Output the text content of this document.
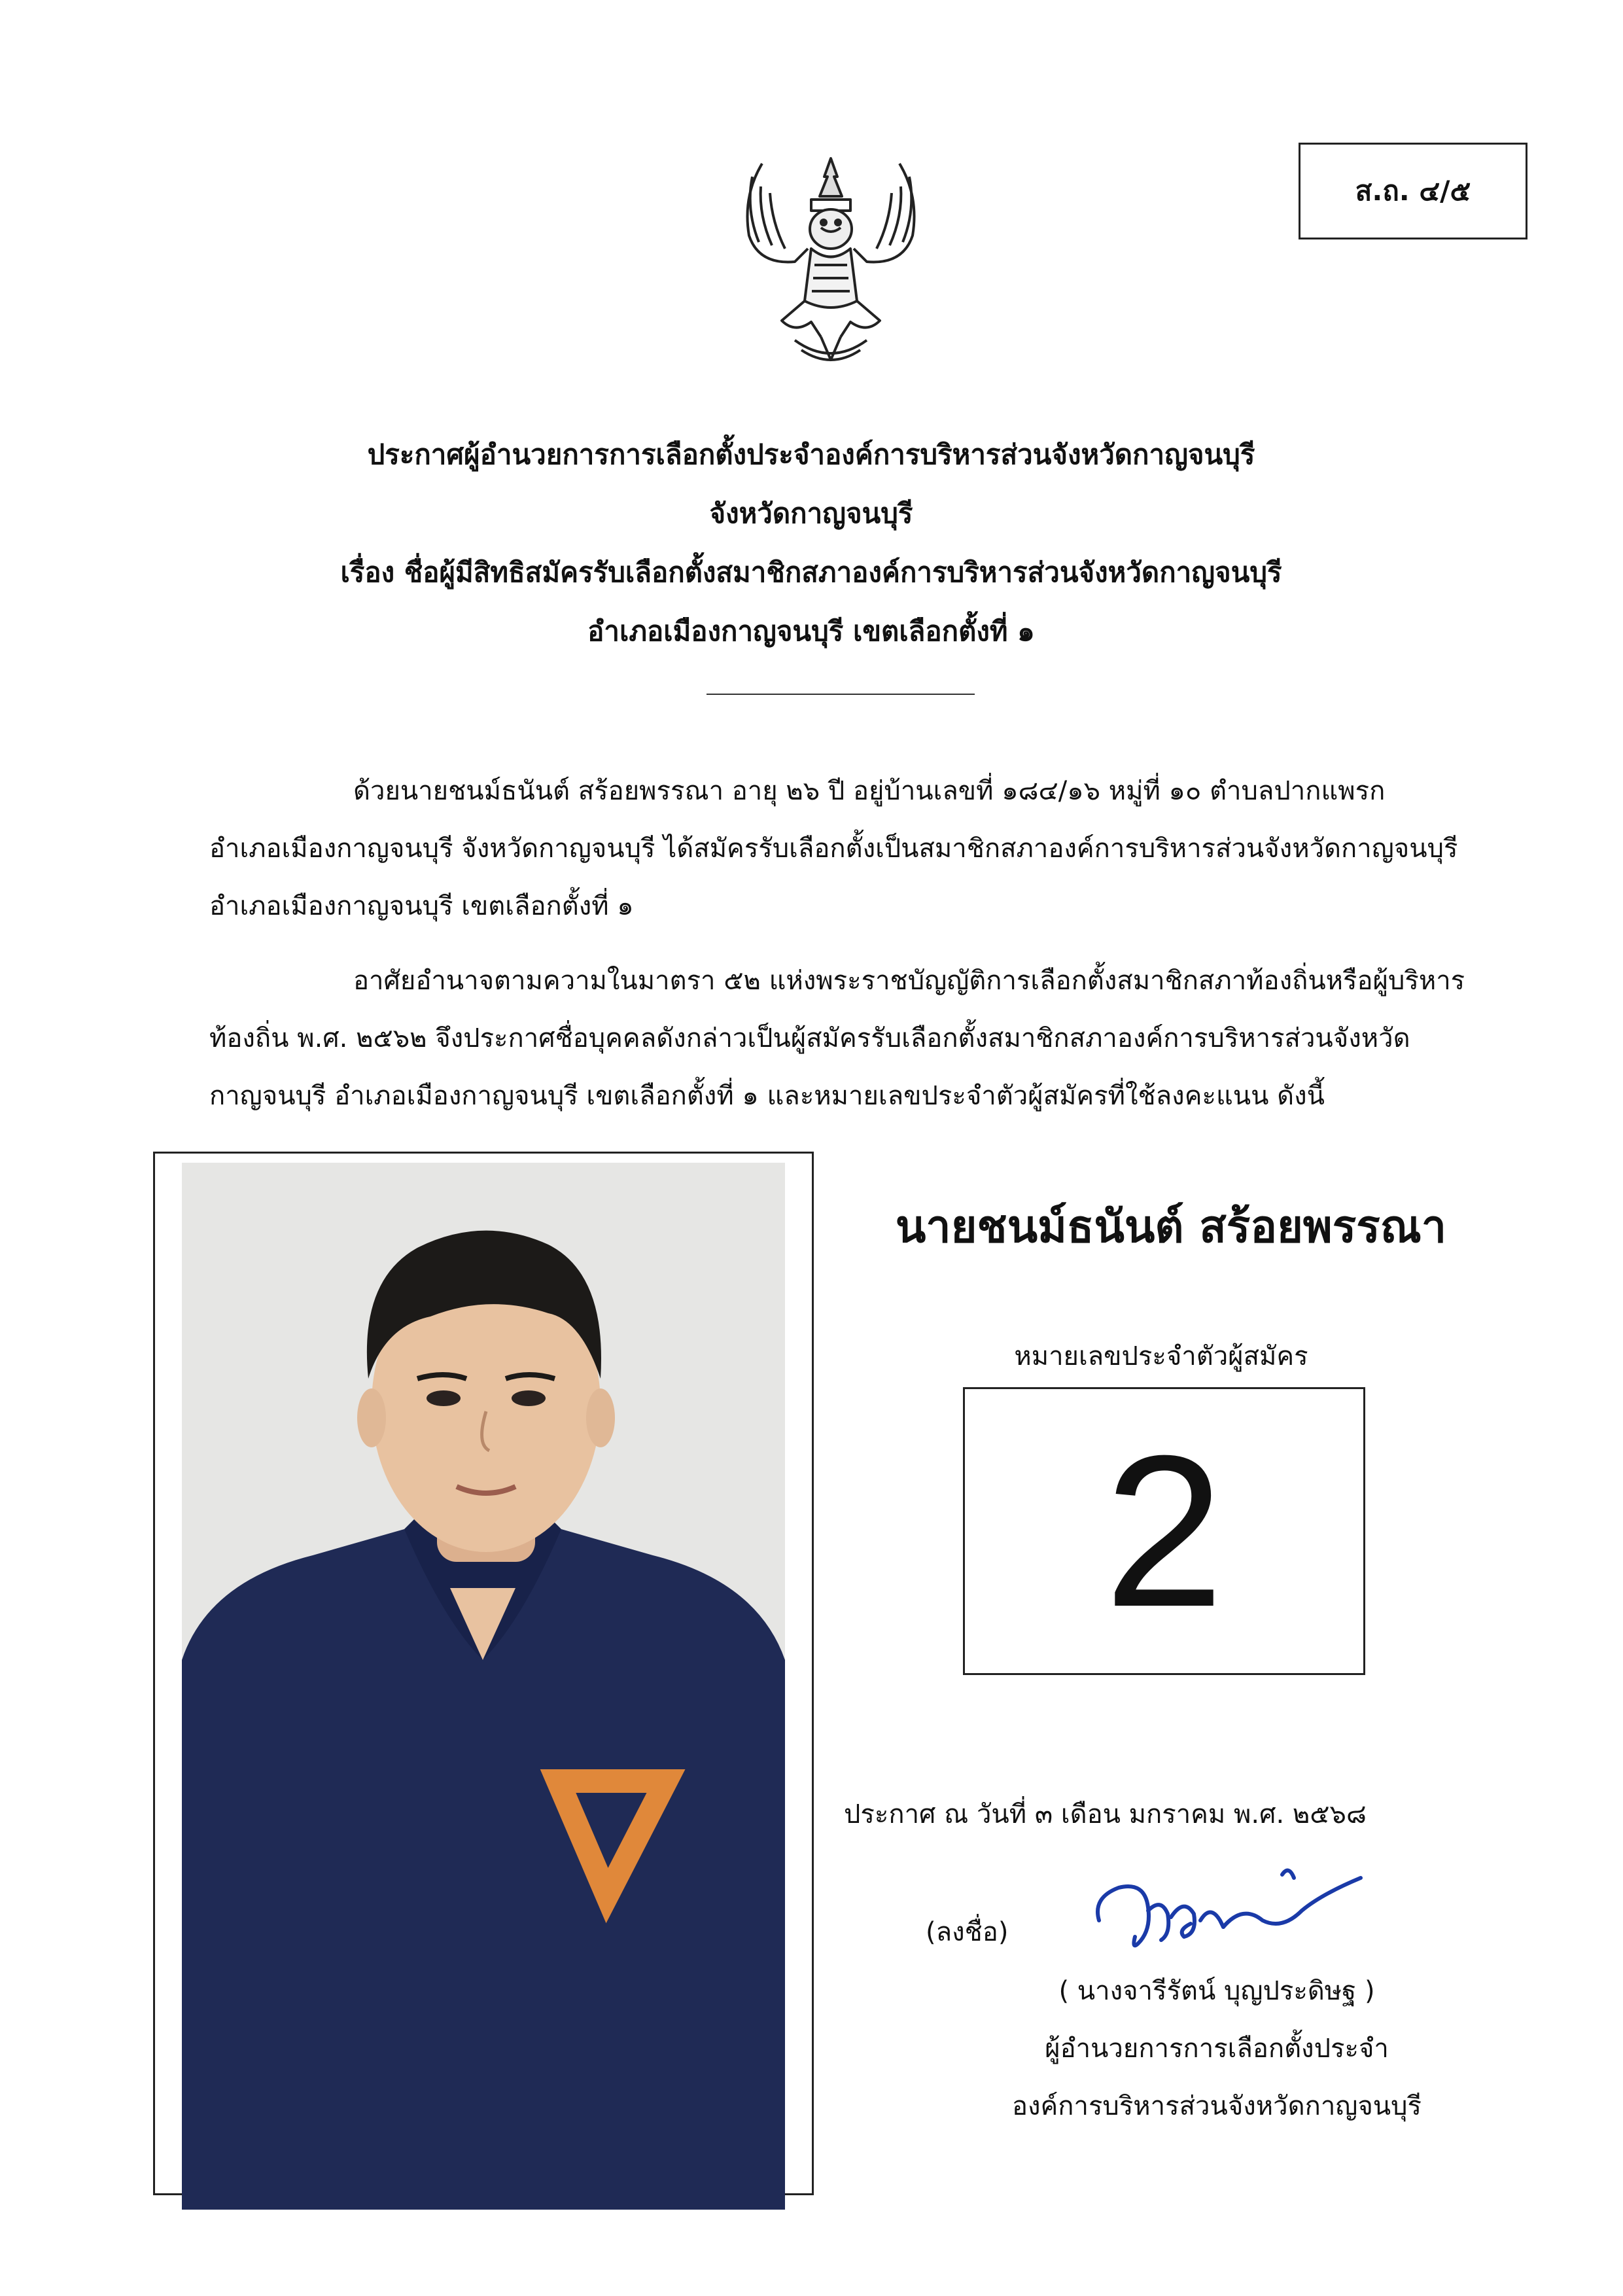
ส.ถ. ๔/๕
ประกาศผู้อำนวยการการเลือกตั้งประจำองค์การบริหารส่วนจังหวัดกาญจนบุรี
จังหวัดกาญจนบุรี
เรื่อง ชื่อผู้มีสิทธิสมัครรับเลือกตั้งสมาชิกสภาองค์การบริหารส่วนจังหวัดกาญจนบุรี
อำเภอเมืองกาญจนบุรี เขตเลือกตั้งที่ ๑
ด้วยนายชนม์ธนันต์ สร้อยพรรณา อายุ ๒๖ ปี อยู่บ้านเลขที่ ๑๘๔/๑๖ หมู่ที่ ๑๐ ตำบลปากแพรก
อำเภอเมืองกาญจนบุรี จังหวัดกาญจนบุรี ได้สมัครรับเลือกตั้งเป็นสมาชิกสภาองค์การบริหารส่วนจังหวัดกาญจนบุรี
อำเภอเมืองกาญจนบุรี เขตเลือกตั้งที่ ๑
อาศัยอำนาจตามความในมาตรา ๕๒ แห่งพระราชบัญญัติการเลือกตั้งสมาชิกสภาท้องถิ่นหรือผู้บริหาร
ท้องถิ่น พ.ศ. ๒๕๖๒ จึงประกาศชื่อบุคคลดังกล่าวเป็นผู้สมัครรับเลือกตั้งสมาชิกสภาองค์การบริหารส่วนจังหวัด
กาญจนบุรี อำเภอเมืองกาญจนบุรี เขตเลือกตั้งที่ ๑ และหมายเลขประจำตัวผู้สมัครที่ใช้ลงคะแนน ดังนี้
นายชนม์ธนันต์ สร้อยพรรณา
หมายเลขประจำตัวผู้สมัคร
2
ประกาศ ณ วันที่ ๓ เดือน มกราคม พ.ศ. ๒๕๖๘
(ลงชื่อ)
( นางจารีรัตน์ บุญประดิษฐ )
ผู้อำนวยการการเลือกตั้งประจำ
องค์การบริหารส่วนจังหวัดกาญจนบุรี
